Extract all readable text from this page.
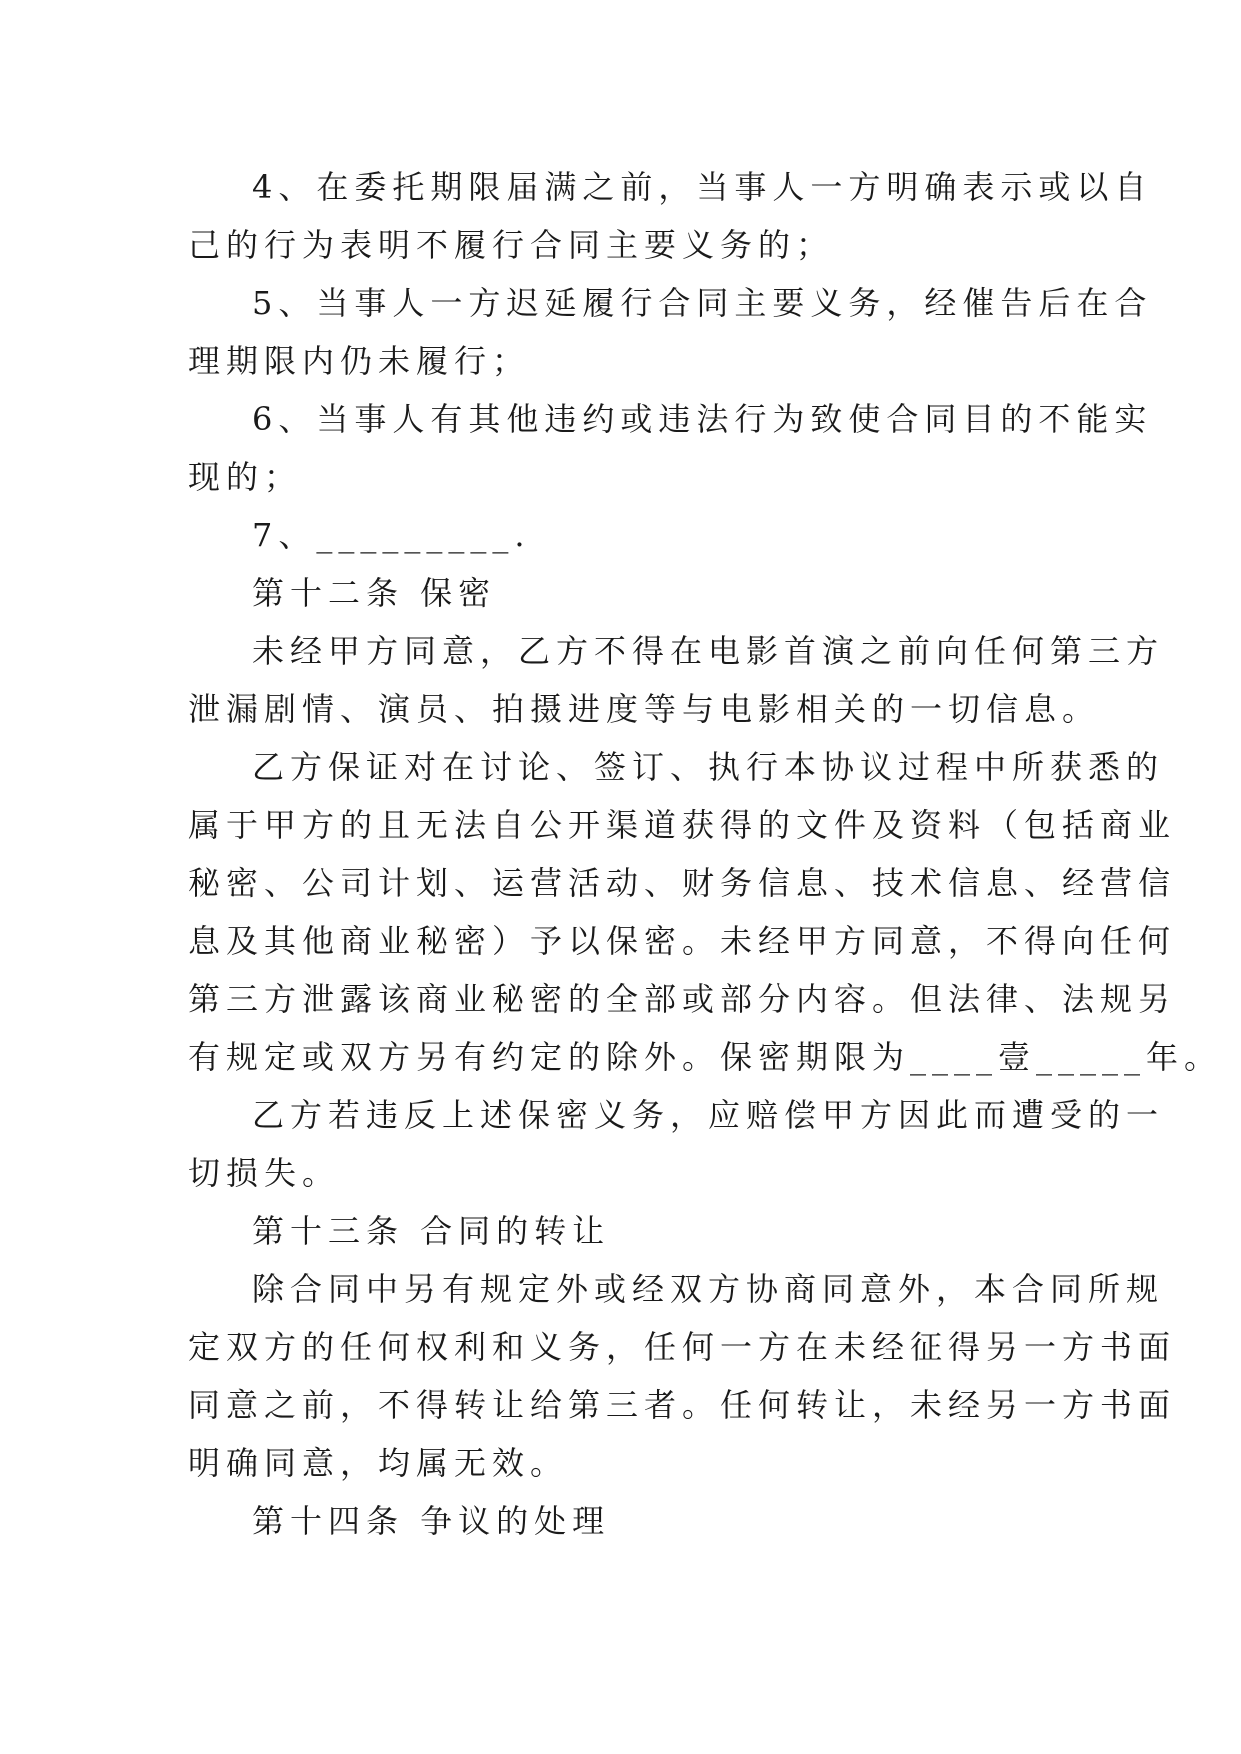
4、在委托期限届满之前，当事人一方明确表示或以自
己的行为表明不履行合同主要义务的；
5、当事人一方迟延履行合同主要义务，经催告后在合
理期限内仍未履行；
6、当事人有其他违约或违法行为致使合同目的不能实
现的；
7、_________.
第十二条 保密
未经甲方同意，乙方不得在电影首演之前向任何第三方
泄漏剧情、演员、拍摄进度等与电影相关的一切信息。
乙方保证对在讨论、签订、执行本协议过程中所获悉的
属于甲方的且无法自公开渠道获得的文件及资料（包括商业
秘密、公司计划、运营活动、财务信息、技术信息、经营信
息及其他商业秘密）予以保密。未经甲方同意，不得向任何
第三方泄露该商业秘密的全部或部分内容。但法律、法规另
有规定或双方另有约定的除外。保密期限为____壹_____年。
乙方若违反上述保密义务，应赔偿甲方因此而遭受的一
切损失。
第十三条 合同的转让
除合同中另有规定外或经双方协商同意外，本合同所规
定双方的任何权利和义务，任何一方在未经征得另一方书面
同意之前，不得转让给第三者。任何转让，未经另一方书面
明确同意，均属无效。
第十四条 争议的处理
